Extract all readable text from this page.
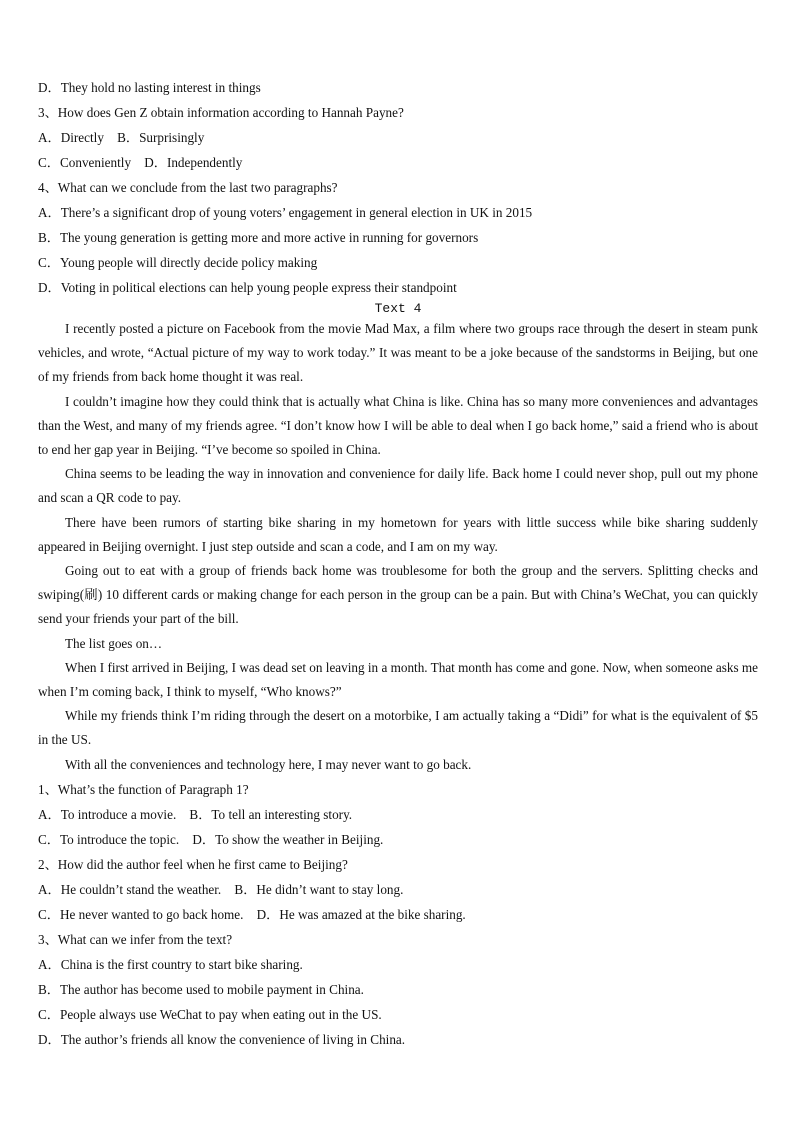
D．They hold no lasting interest in things
3、How does Gen Z obtain information according to Hannah Payne?
A．Directly　B．Surprisingly
C．Conveniently　D．Independently
4、What can we conclude from the last two paragraphs?
A．There’s a significant drop of young voters’ engagement in general election in UK in 2015
B．The young generation is getting more and more active in running for governors
C．Young people will directly decide policy making
D．Voting in political elections can help young people express their standpoint
Text 4

I recently posted a picture on Facebook from the movie Mad Max, a film where two groups race through the desert in steam punk vehicles, and wrote, “Actual picture of my way to work today.” It was meant to be a joke because of the sandstorms in Beijing, but one of my friends from back home thought it was real.

I couldn’t imagine how they could think that is actually what China is like. China has so many more conveniences and advantages than the West, and many of my friends agree. “I don’t know how I will be able to deal when I go back home,” said a friend who is about to end her gap year in Beijing. “I’ve become so spoiled in China.

China seems to be leading the way in innovation and convenience for daily life. Back home I could never shop, pull out my phone and scan a QR code to pay.

There have been rumors of starting bike sharing in my hometown for years with little success while bike sharing suddenly appeared in Beijing overnight. I just step outside and scan a code, and I am on my way.

Going out to eat with a group of friends back home was troublesome for both the group and the servers. Splitting checks and swiping(刷) 10 different cards or making change for each person in the group can be a pain. But with China’s WeChat, you can quickly send your friends your part of the bill.

The list goes on…

When I first arrived in Beijing, I was dead set on leaving in a month. That month has come and gone. Now, when someone asks me when I’m coming back, I think to myself, “Who knows?”

While my friends think I’m riding through the desert on a motorbike, I am actually taking a “Didi” for what is the equivalent of $5 in the US.

With all the conveniences and technology here, I may never want to go back.

1、What’s the function of Paragraph 1?
A．To introduce a movie.　B．To tell an interesting story.
C．To introduce the topic.　D．To show the weather in Beijing.
2、How did the author feel when he first came to Beijing?
A．He couldn’t stand the weather.　B．He didn’t want to stay long.
C．He never wanted to go back home.　D．He was amazed at the bike sharing.
3、What can we infer from the text?
A．China is the first country to start bike sharing.
B．The author has become used to mobile payment in China.
C．People always use WeChat to pay when eating out in the US.
D．The author’s friends all know the convenience of living in China.
